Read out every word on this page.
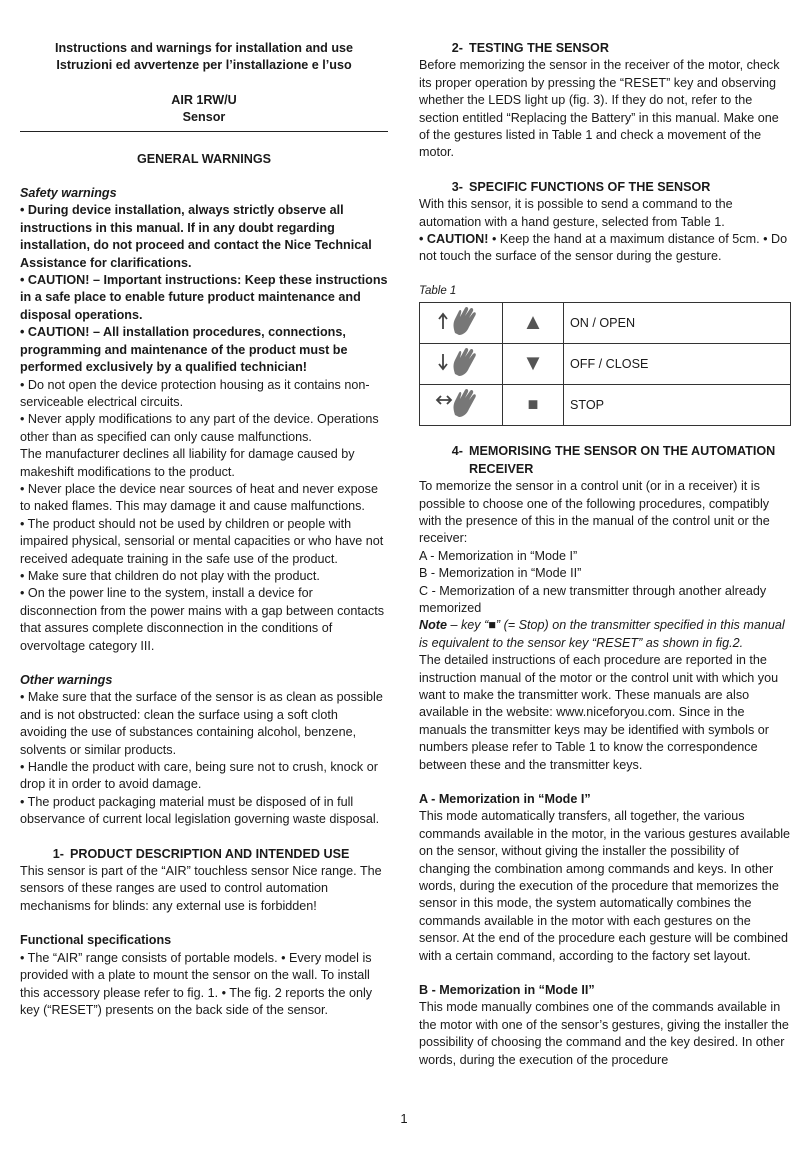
Instructions and warnings for installation and use

Istruzioni ed avvertenze per l’installazione e l’uso

AIR 1RW/U

Sensor

GENERAL WARNINGS

Safety warnings

• During device installation, always strictly observe all instructions in this manual. If in any doubt regarding installation, do not proceed and contact the Nice Technical Assistance for clarifications.

• CAUTION! – Important instructions: Keep these instructions in a safe place to enable future product maintenance and disposal operations.

• CAUTION! – All installation procedures, connections, programming and maintenance of the product must be performed exclusively by a qualified technician!

• Do not open the device protection housing as it contains non-serviceable electrical circuits.

• Never apply modifications to any part of the device. Operations other than as specified can only cause malfunctions.

The manufacturer declines all liability for damage caused by makeshift modifications to the product.

• Never place the device near sources of heat and never expose to naked flames. This may damage it and cause malfunctions.

• The product should not be used by children or people with impaired physical, sensorial or mental capacities or who have not received adequate training in the safe use of the product.

• Make sure that children do not play with the product.

• On the power line to the system, install a device for disconnection from the power mains with a gap between contacts that assures complete disconnection in the conditions of overvoltage category III.

Other warnings

• Make sure that the surface of the sensor is as clean as possible and is not obstructed: clean the surface using a soft cloth avoiding the use of substances containing alcohol, benzene, solvents or similar products.

• Handle the product with care, being sure not to crush, knock or drop it in order to avoid damage.

• The product packaging material must be disposed of in full observance of current local legislation governing waste disposal.

1- PRODUCT DESCRIPTION AND INTENDED USE

This sensor is part of the “AIR” touchless sensor Nice range. The sensors of these ranges are used to control automation mechanisms for blinds: any external use is forbidden!

Functional specifications

• The “AIR” range consists of portable models. • Every model is provided with a plate to mount the sensor on the wall. To install this accessory please refer to fig. 1. • The fig. 2 reports the only key (“RESET”) presents on the back side of the sensor.

2- TESTING THE SENSOR

Before memorizing the sensor in the receiver of the motor, check its proper operation by pressing the “RESET” key and observing whether the LEDS light up (fig. 3). If they do not, refer to the section entitled “Replacing the Battery” in this manual. Make one of the gestures listed in Table 1 and check a movement of the motor.

3- SPECIFIC FUNCTIONS OF THE SENSOR

With this sensor, it is possible to send a command to the automation with a hand gesture, selected from Table 1.

• CAUTION! • Keep the hand at a maximum distance of 5cm. • Do not touch the surface of the sensor during the gesture.

Table 1

	▲	ON / OPEN
	▼	OFF / CLOSE
	■	STOP
4- MEMORISING THE SENSOR ON THE AUTOMATION RECEIVER

To memorize the sensor in a control unit (or in a receiver) it is possible to choose one of the following procedures, compatibly with the presence of this in the manual of the control unit or the receiver:

A - Memorization in “Mode I”

B - Memorization in “Mode II”

C - Memorization of a new transmitter through another already memorized

Note – key “■” (= Stop) on the transmitter specified in this manual is equivalent to the sensor key “RESET” as shown in fig.2.

The detailed instructions of each procedure are reported in the instruction manual of the motor or the control unit with which you want to make the transmitter work. These manuals are also available in the website: www.niceforyou.com. Since in the manuals the transmitter keys may be identified with symbols or numbers please refer to Table 1 to know the correspondence between these and the transmitter keys.

A - Memorization in “Mode I”

This mode automatically transfers, all together, the various commands available in the motor, in the various gestures available on the sensor, without giving the installer the possibility of changing the combination among commands and keys. In other words, during the execution of the procedure that memorizes the sensor in this mode, the system automatically combines the commands available in the motor with each gestures on the sensor. At the end of the procedure each gesture will be combined with a certain command, according to the factory set layout.

B - Memorization in “Mode II”

This mode manually combines one of the commands available in the motor with one of the sensor’s gestures, giving the installer the possibility of choosing the command and the key desired. In other words, during the execution of the procedure

1
